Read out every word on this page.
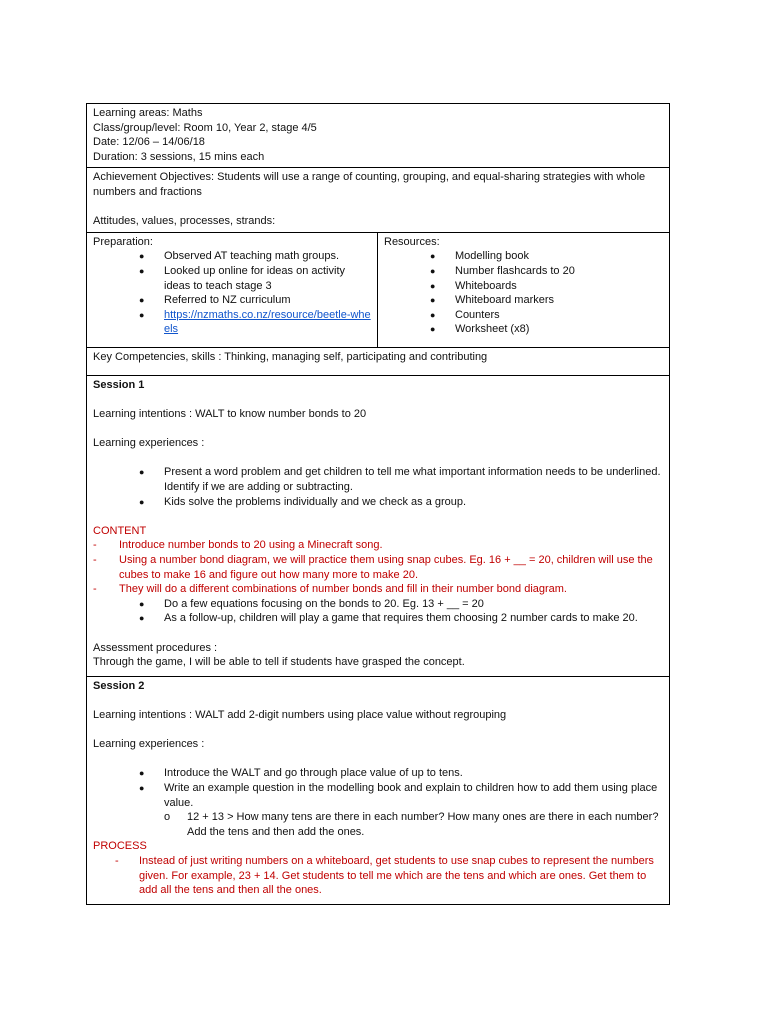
Learning areas: Maths
Class/group/level: Room 10, Year 2, stage 4/5
Date: 12/06 – 14/06/18
Duration: 3 sessions, 15 mins each

Achievement Objectives: Students will use a range of counting, grouping, and equal-sharing strategies with whole numbers and fractions
Attitudes, values, processes, strands:

Preparation:
● Observed AT teaching math groups.
● Looked up online for ideas on activity ideas to teach stage 3
● Referred to NZ curriculum
● https://nzmaths.co.nz/resource/beetle-wheels

Resources:
● Modelling book
● Number flashcards to 20
● Whiteboards
● Whiteboard markers
● Counters
● Worksheet (x8)

Key Competencies, skills : Thinking, managing self, participating and contributing

Session 1
Learning intentions : WALT to know number bonds to 20
Learning experiences :
● Present a word problem and get children to tell me what important information needs to be underlined. Identify if we are adding or subtracting.
● Kids solve the problems individually and we check as a group.
CONTENT
- Introduce number bonds to 20 using a Minecraft song.
- Using a number bond diagram, we will practice them using snap cubes. Eg. 16 + __ = 20, children will use the cubes to make 16 and figure out how many more to make 20.
- They will do a different combinations of number bonds and fill in their number bond diagram.
● Do a few equations focusing on the bonds to 20. Eg. 13 + __ = 20
● As a follow-up, children will play a game that requires them choosing 2 number cards to make 20.
Assessment procedures :
Through the game, I will be able to tell if students have grasped the concept.

Session 2
Learning intentions : WALT add 2-digit numbers using place value without regrouping
Learning experiences :
● Introduce the WALT and go through place value of up to tens.
● Write an example question in the modelling book and explain to children how to add them using place value.
o 12 + 13 > How many tens are there in each number? How many ones are there in each number? Add the tens and then add the ones.
PROCESS
- Instead of just writing numbers on a whiteboard, get students to use snap cubes to represent the numbers given. For example, 23 + 14. Get students to tell me which are the tens and which are ones. Get them to add all the tens and then all the ones.
